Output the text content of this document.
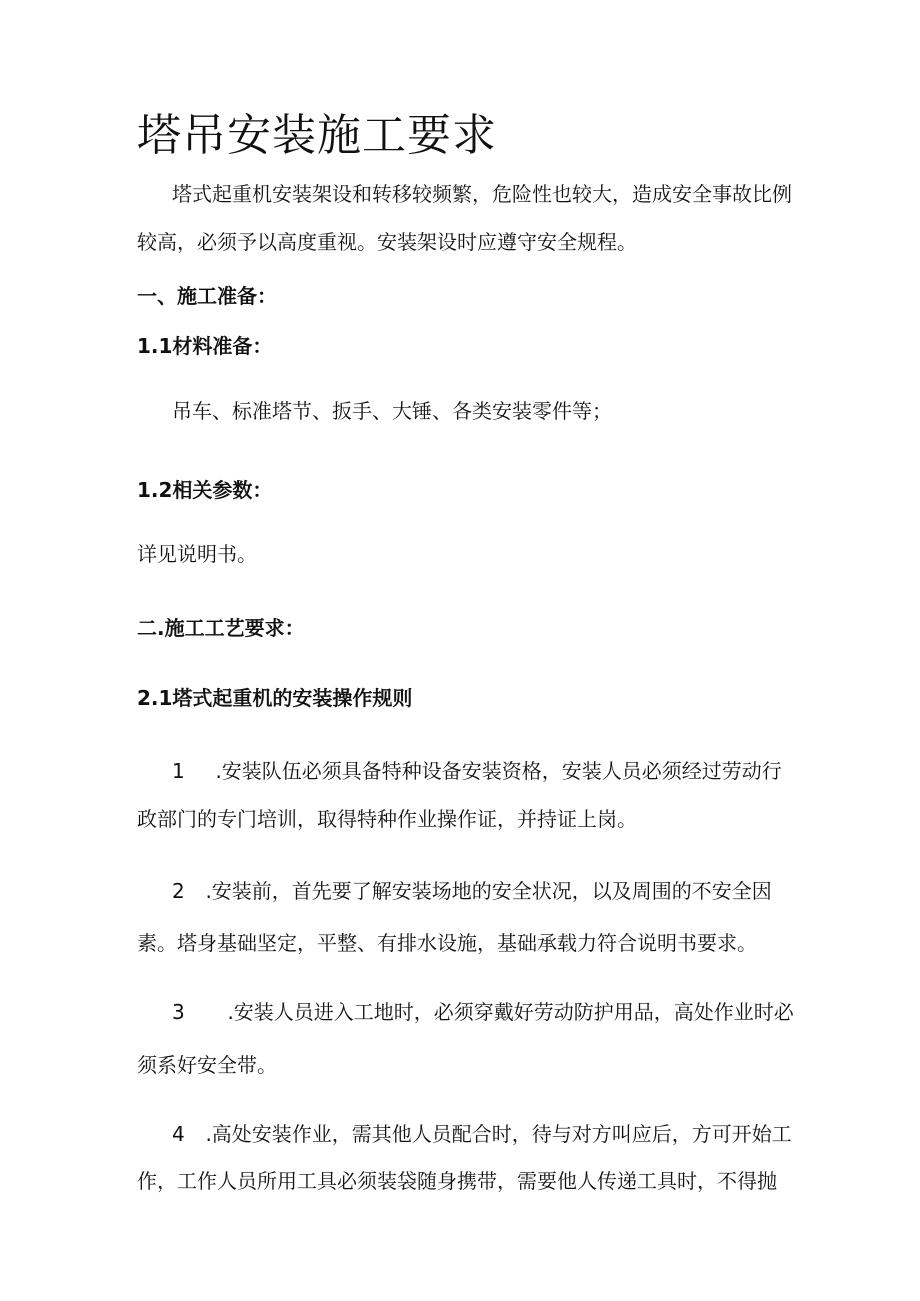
塔吊安装施工要求
塔式起重机安装架设和转移较频繁，危险性也较大，造成安全事故比例
较高，必须予以高度重视。安装架设时应遵守安全规程。
一、施工准备：
1.1材料准备：
吊车、标准塔节、扳手、大锤、各类安装零件等；
1.2相关参数：
详见说明书。
二.施工工艺要求：
2.1塔式起重机的安装操作规则
1 .安装队伍必须具备特种设备安装资格，安装人员必须经过劳动行
政部门的专门培训，取得特种作业操作证，并持证上岗。
2 .安装前，首先要了解安装场地的安全状况，以及周围的不安全因
素。塔身基础坚定，平整、有排水设施，基础承载力符合说明书要求。
3 .安装人员进入工地时，必须穿戴好劳动防护用品，高处作业时必
须系好安全带。
4 .高处安装作业，需其他人员配合时，待与对方叫应后，方可开始工
作，工作人员所用工具必须装袋随身携带，需要他人传递工具时，不得抛
